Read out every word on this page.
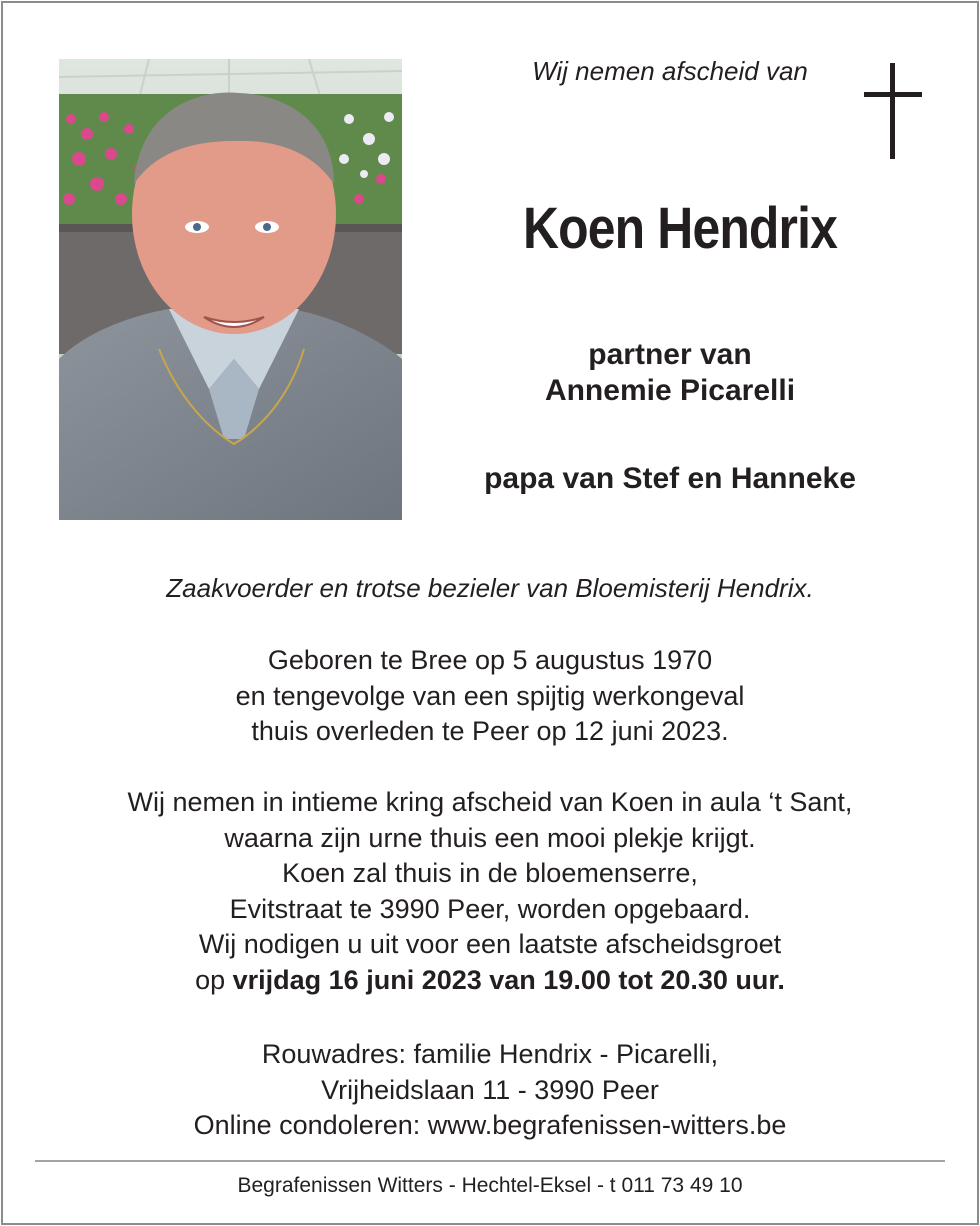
Wij nemen afscheid van
Koen Hendrix
partner van
Annemie Picarelli
papa van Stef en Hanneke
Zaakvoerder en trotse bezieler van Bloemisterij Hendrix.
Geboren te Bree op 5 augustus 1970
en tengevolge van een spijtig werkongeval
thuis overleden te Peer op 12 juni 2023.
Wij nemen in intieme kring afscheid van Koen in aula ‘t Sant,
waarna zijn urne thuis een mooi plekje krijgt.
Koen zal thuis in de bloemenserre,
Evitstraat te 3990 Peer, worden opgebaard.
Wij nodigen u uit voor een laatste afscheidsgroet
op vrijdag 16 juni 2023 van 19.00 tot 20.30 uur.
Rouwadres: familie Hendrix - Picarelli,
Vrijheidslaan 11 - 3990 Peer
Online condoleren: www.begrafenissen-witters.be
Begrafenissen Witters - Hechtel-Eksel - t 011 73 49 10
